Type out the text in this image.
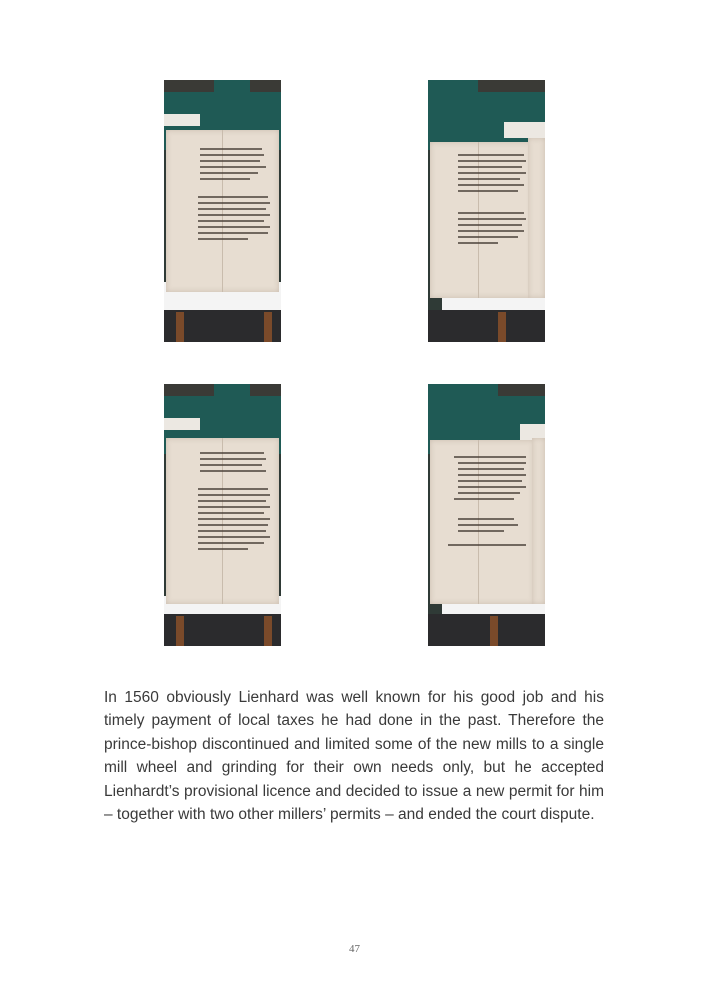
In 1560 obviously Lienhard was well known for his good job and his timely payment of local taxes he had done in the past. Therefore the prince-bishop discontinued and limited some of the new mills to a single mill wheel and grinding for their own needs only, but he accepted Lienhardt’s provisional licence and decided to issue a new permit for him – together with two other millers’ permits – and ended the court dispute.

47
